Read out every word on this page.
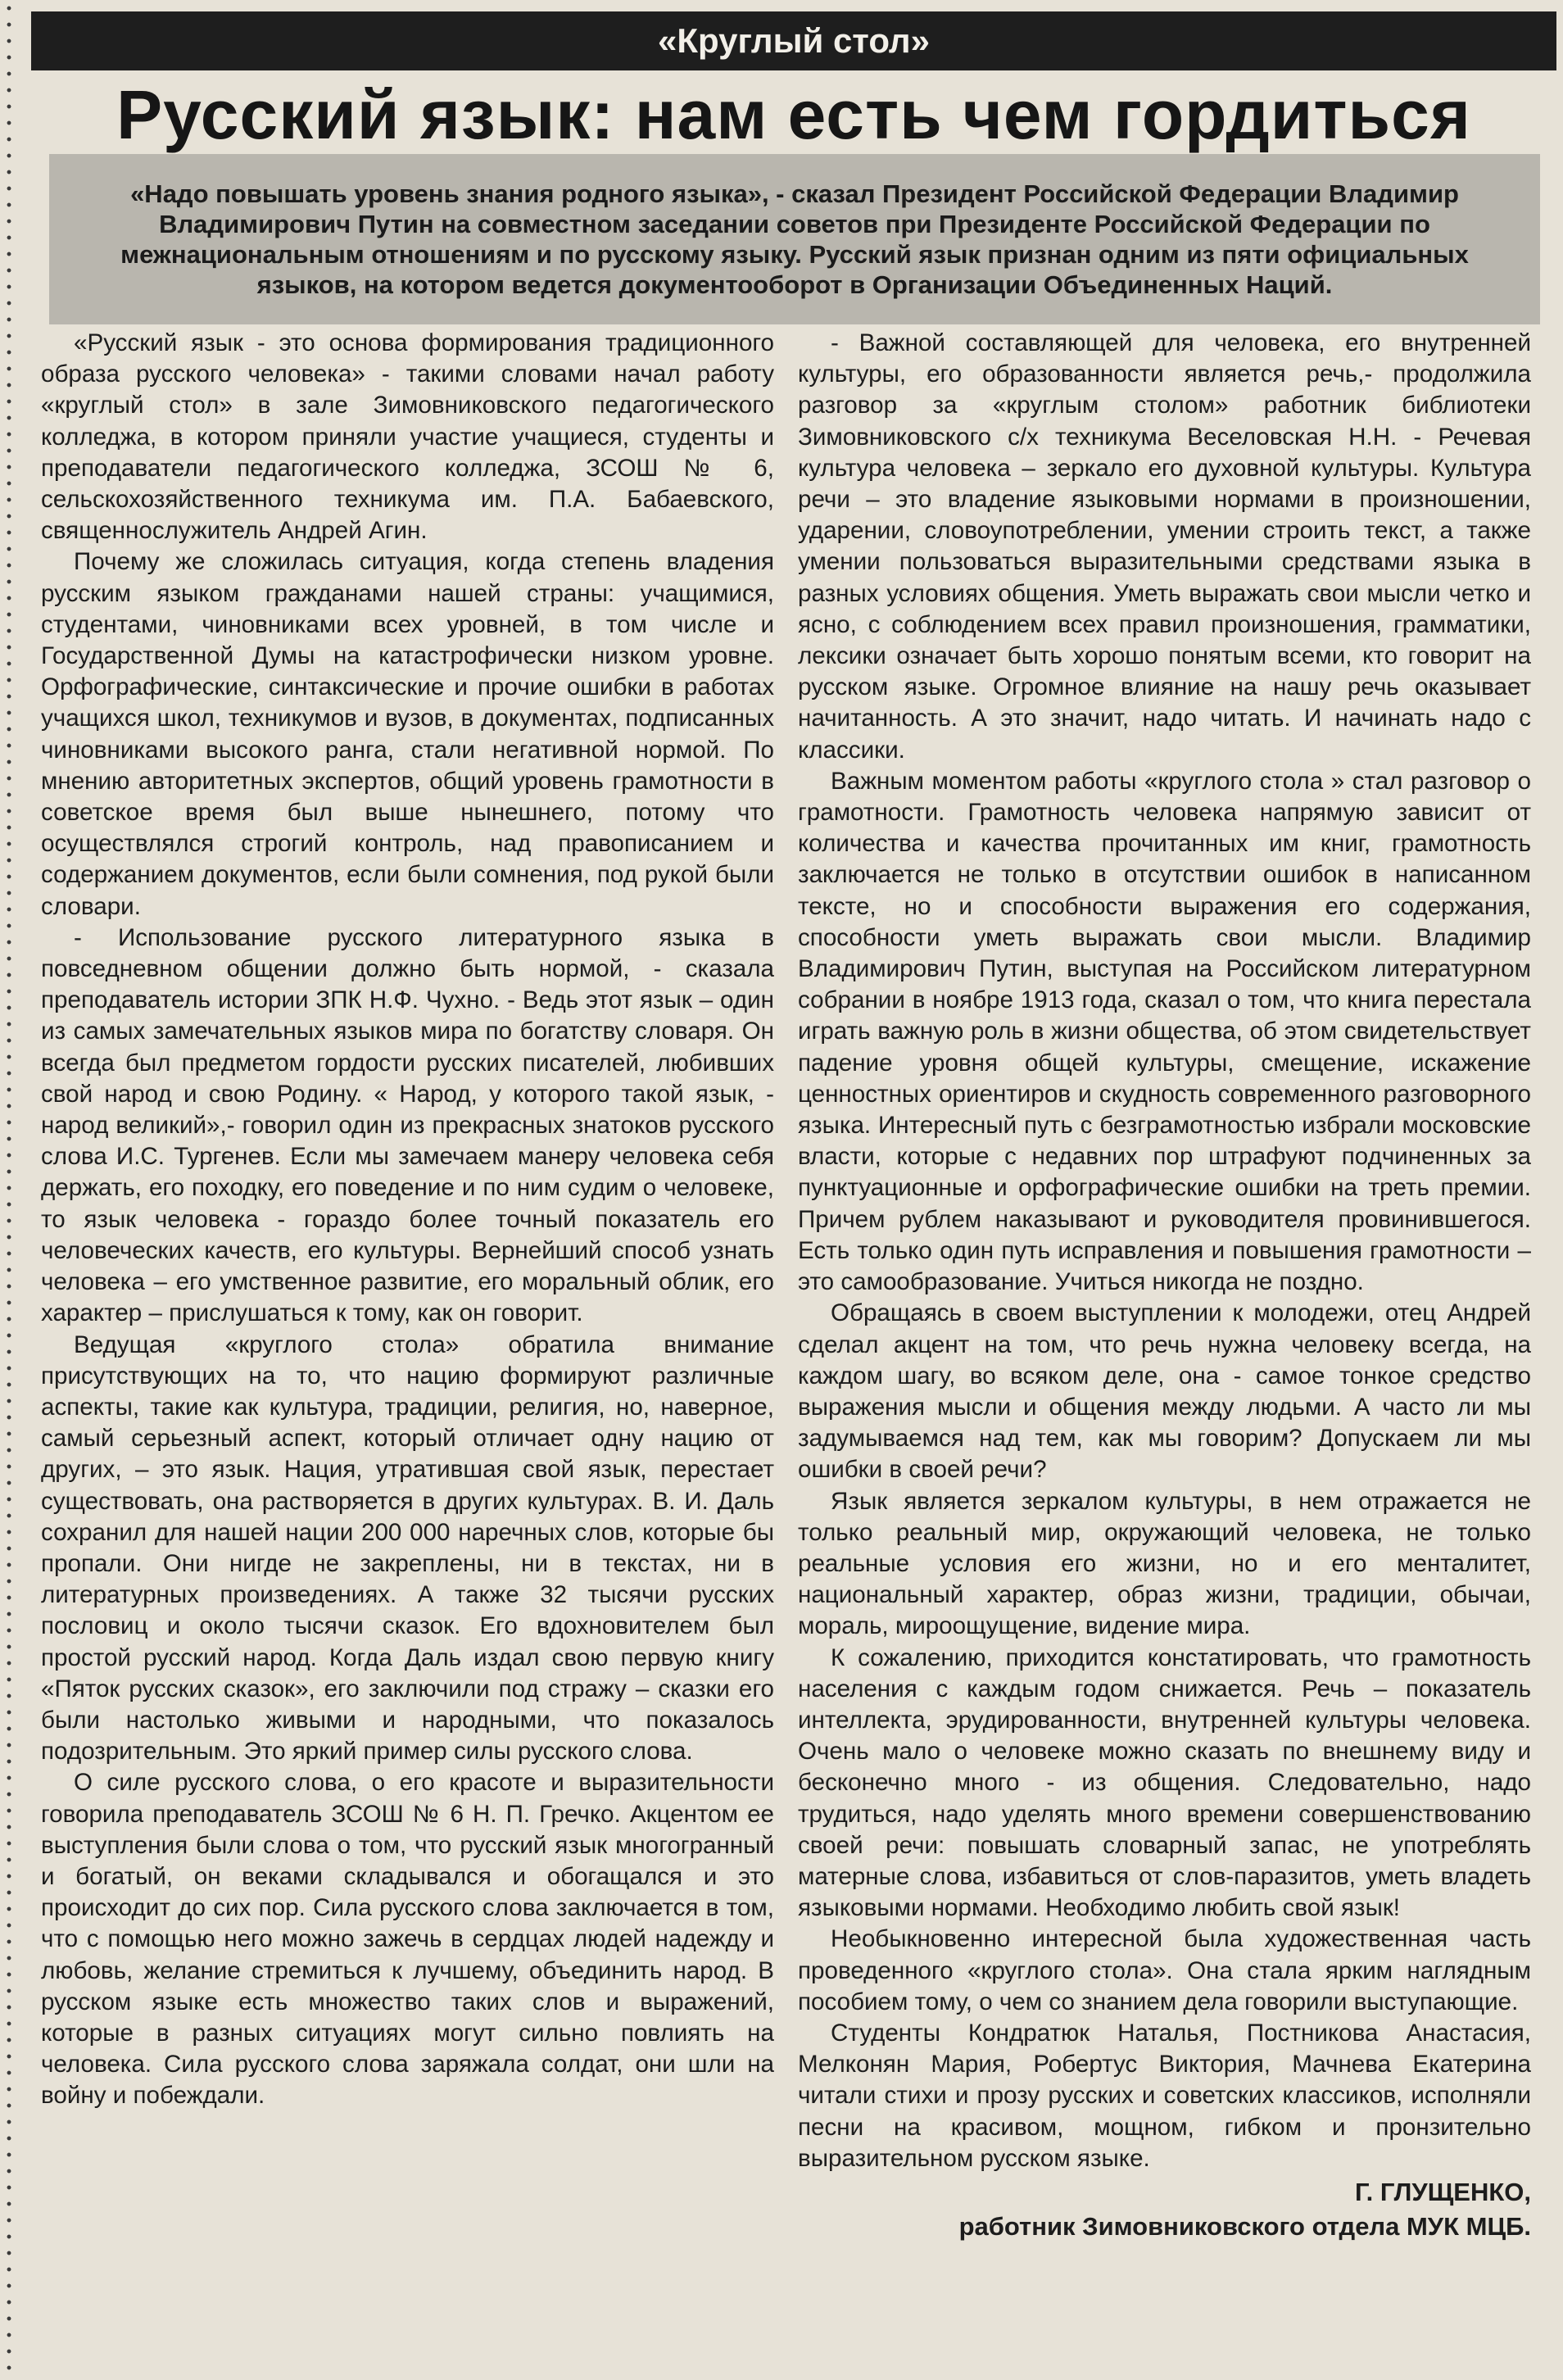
«Круглый стол»
Русский язык: нам есть чем гордиться

«Надо повышать уровень знания родного языка», - сказал Президент Российской Федерации Владимир Владимирович Путин на совместном заседании советов при Президенте Российской Федерации по межнациональным отношениям и по русскому языку. Русский язык признан одним из пяти официальных языков, на котором ведется документооборот в Организации Объединенных Наций.

«Русский язык - это основа формирования традиционного образа русского человека» - такими словами начал работу «круглый стол» в зале Зимовниковского педагогического колледжа, в котором приняли участие учащиеся, студенты и преподаватели педагогического колледжа, ЗСОШ № 6, сельскохозяйственного техникума им. П.А. Бабаевского, священнослужитель Андрей Агин.

Почему же сложилась ситуация, когда степень владения русским языком гражданами нашей страны: учащимися, студентами, чиновниками всех уровней, в том числе и Государственной Думы на катастрофически низком уровне. Орфографические, синтаксические и прочие ошибки в работах учащихся школ, техникумов и вузов, в документах, подписанных чиновниками высокого ранга, стали негативной нормой. По мнению авторитетных экспертов, общий уровень грамотности в советское время был выше нынешнего, потому что осуществлялся строгий контроль, над правописанием и содержанием документов, если были сомнения, под рукой были словари.

- Использование русского литературного языка в повседневном общении должно быть нормой, - сказала преподаватель истории ЗПК Н.Ф. Чухно. - Ведь этот язык – один из самых замечательных языков мира по богатству словаря. Он всегда был предметом гордости русских писателей, любивших свой народ и свою Родину. « Народ, у которого такой язык, - народ великий»,- говорил один из прекрасных знатоков русского слова И.С. Тургенев. Если мы замечаем манеру человека себя держать, его походку, его поведение и по ним судим о человеке, то язык человека - гораздо более точный показатель его человеческих качеств, его культуры. Вернейший способ узнать человека – его умственное развитие, его моральный облик, его характер – прислушаться к тому, как он говорит.

Ведущая «круглого стола» обратила внимание присутствующих на то, что нацию формируют различные аспекты, такие как культура, традиции, религия, но, наверное, самый серьезный аспект, который отличает одну нацию от других, – это язык. Нация, утратившая свой язык, перестает существовать, она растворяется в других культурах. В. И. Даль сохранил для нашей нации 200 000 наречных слов, которые бы пропали. Они нигде не закреплены, ни в текстах, ни в литературных произведениях. А также 32 тысячи русских пословиц и около тысячи сказок. Его вдохновителем был простой русский народ. Когда Даль издал свою первую книгу «Пяток русских сказок», его заключили под стражу – сказки его были настолько живыми и народными, что показалось подозрительным. Это яркий пример силы русского слова.

О силе русского слова, о его красоте и выразительности говорила преподаватель ЗСОШ № 6 Н. П. Гречко. Акцентом ее выступления были слова о том, что русский язык многогранный и богатый, он веками складывался и обогащался и это происходит до сих пор. Сила русского слова заключается в том, что с помощью него можно зажечь в сердцах людей надежду и любовь, желание стремиться к лучшему, объединить народ. В русском языке есть множество таких слов и выражений, которые в разных ситуациях могут сильно повлиять на человека. Сила русского слова заряжала солдат, они шли на войну и побеждали.

- Важной составляющей для человека, его внутренней культуры, его образованности является речь,- продолжила разговор за «круглым столом» работник библиотеки Зимовниковского с/х техникума Веселовская Н.Н. - Речевая культура человека – зеркало его духовной культуры. Культура речи – это владение языковыми нормами в произношении, ударении, словоупотреблении, умении строить текст, а также умении пользоваться выразительными средствами языка в разных условиях общения. Уметь выражать свои мысли четко и ясно, с соблюдением всех правил произношения, грамматики, лексики означает быть хорошо понятым всеми, кто говорит на русском языке. Огромное влияние на нашу речь оказывает начитанность. А это значит, надо читать. И начинать надо с классики.

Важным моментом работы «круглого стола » стал разговор о грамотности. Грамотность человека напрямую зависит от количества и качества прочитанных им книг, грамотность заключается не только в отсутствии ошибок в написанном тексте, но и способности выражения его содержания, способности уметь выражать свои мысли. Владимир Владимирович Путин, выступая на Российском литературном собрании в ноябре 1913 года, сказал о том, что книга перестала играть важную роль в жизни общества, об этом свидетельствует падение уровня общей культуры, смещение, искажение ценностных ориентиров и скудность современного разговорного языка. Интересный путь с безграмотностью избрали московские власти, которые с недавних пор штрафуют подчиненных за пунктуационные и орфографические ошибки на треть премии. Причем рублем наказывают и руководителя провинившегося. Есть только один путь исправления и повышения грамотности – это самообразование. Учиться никогда не поздно.

Обращаясь в своем выступлении к молодежи, отец Андрей сделал акцент на том, что речь нужна человеку всегда, на каждом шагу, во всяком деле, она - самое тонкое средство выражения мысли и общения между людьми. А часто ли мы задумываемся над тем, как мы говорим? Допускаем ли мы ошибки в своей речи?

Язык является зеркалом культуры, в нем отражается не только реальный мир, окружающий человека, не только реальные условия его жизни, но и его менталитет, национальный характер, образ жизни, традиции, обычаи, мораль, мироощущение, видение мира.

К сожалению, приходится констатировать, что грамотность населения с каждым годом снижается. Речь – показатель интеллекта, эрудированности, внутренней культуры человека. Очень мало о человеке можно сказать по внешнему виду и бесконечно много - из общения. Следовательно, надо трудиться, надо уделять много времени совершенствованию своей речи: повышать словарный запас, не употреблять матерные слова, избавиться от слов-паразитов, уметь владеть языковыми нормами. Необходимо любить свой язык!

Необыкновенно интересной была художественная часть проведенного «круглого стола». Она стала ярким наглядным пособием тому, о чем со знанием дела говорили выступающие.

Студенты Кондратюк Наталья, Постникова Анастасия, Мелконян Мария, Робертус Виктория, Мачнева Екатерина читали стихи и прозу русских и советских классиков, исполняли песни на красивом, мощном, гибком и пронзительно выразительном русском языке.

Г. ГЛУЩЕНКО,

работник Зимовниковского отдела МУК МЦБ.
